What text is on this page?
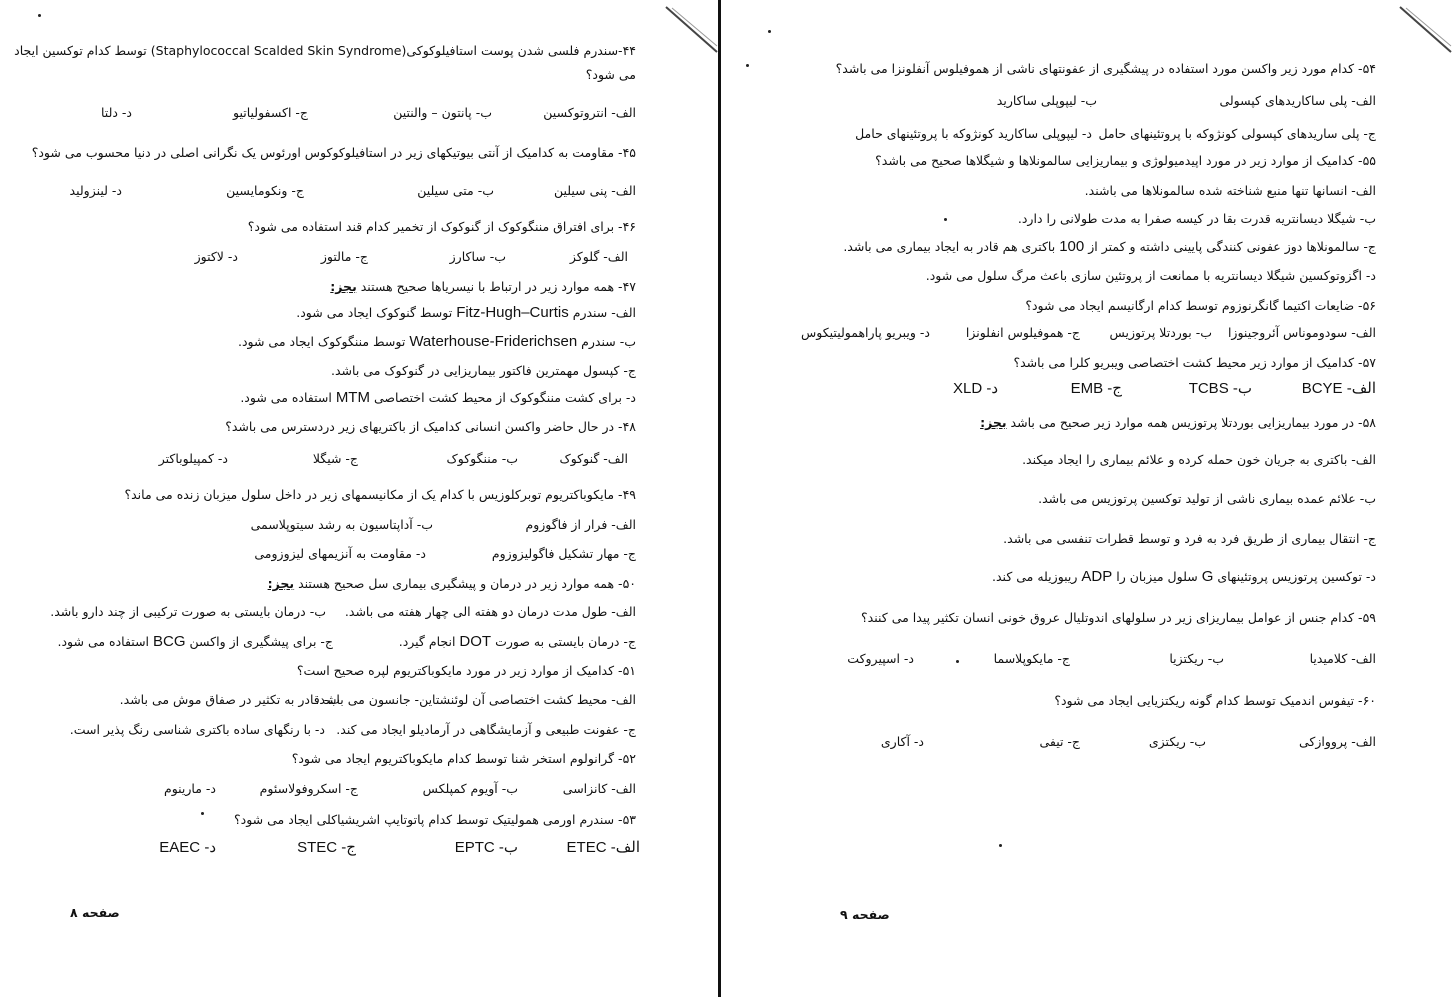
۴۴-سندرم فلسی شدن پوست استافیلوکوکی(Staphylococcal Scalded Skin Syndrome) توسط کدام توکسین ایجاد
می شود؟
الف- انتروتوکسین
ب- پانتون – والنتین
ج- اکسفولیاتیو
د- دلتا
۴۵- مقاومت به کدامیک از آنتی بیوتیکهای زیر در استافیلوکوکوس اورئوس یک نگرانی اصلی در دنیا محسوب می شود؟
الف- پنی سیلین
ب- متی سیلین
ج- ونکومایسین
د- لینزولید
۴۶- برای افتراق مننگوکوک از گنوکوک از تخمیر کدام قند استفاده می شود؟
الف- گلوکز
ب- ساکارز
ج- مالتوز
د- لاکتوز
۴۷- همه موارد زیر در ارتباط با نیسریاها صحیح هستند بجز:
الف- سندرم Fitz-Hugh–Curtis توسط گنوکوک ایجاد می شود.
ب- سندرم Waterhouse-Friderichsen توسط مننگوکوک ایجاد می شود.
ج- کپسول مهمترین فاکتور بیماریزایی در گنوکوک می باشد.
د- برای کشت مننگوکوک از محیط کشت اختصاصی MTM استفاده می شود.
۴۸- در حال حاضر واکسن انسانی کدامیک از باکتریهای زیر دردسترس می باشد؟
الف- گنوکوک
ب- مننگوکوک
ج- شیگلا
د- کمپیلوباکتر
۴۹- مایکوباکتریوم توبرکلوزیس با کدام یک از مکانیسمهای زیر در داخل سلول میزبان زنده می ماند؟
الف- فرار از فاگوزوم
ب- آداپتاسیون به رشد سیتوپلاسمی
ج- مهار تشکیل فاگولیزوزوم
د- مقاومت به آنزیمهای لیزوزومی
۵۰- همه موارد زیر در درمان و پیشگیری بیماری سل صحیح هستند بجز:
الف- طول مدت درمان دو هفته الی چهار هفته می باشد.
ب- درمان بایستی به صورت ترکیبی از چند دارو باشد.
ج- درمان بایستی به صورت DOT انجام گیرد.
ج- برای پیشگیری از واکسن BCG استفاده می شود.
۵۱- کدامیک از موارد زیر در مورد مایکوباکتریوم لپره صحیح است؟
الف- محیط کشت اختصاصی آن لوئنشتاین- جانسون می باشد.
ب- قادر به تکثیر در صفاق موش می باشد.
ج- عفونت طبیعی و آزمایشگاهی در آرمادیلو ایجاد می کند.
د- با رنگهای ساده باکتری شناسی رنگ پذیر است.
۵۲- گرانولوم استخر شنا توسط کدام مایکوباکتریوم ایجاد می شود؟
الف- کانزاسی
ب- آویوم کمپلکس
ج- اسکروفولاسئوم
د- مارینوم
۵۳- سندرم اورمی همولیتیک توسط کدام پاتوتایپ اشریشیاکلی ایجاد می شود؟
الف- ETEC
ب- EPTC
ج- STEC
د- EAEC
صفحه ۸
۵۴- کدام مورد زیر واکسن مورد استفاده در پیشگیری از عفونتهای ناشی از هموفیلوس آنفلونزا می باشد؟
الف- پلی ساکاریدهای کپسولی
ب- لیپوپلی ساکارید
ج- پلی ساریدهای کپسولی کونژوکه با پروتئینهای حامل
د- لیپوپلی ساکارید کونژوکه با پروتئینهای حامل
۵۵- کدامیک از موارد زیر در مورد اپیدمیولوژی و بیماریزایی سالمونلاها و شیگلاها صحیح می باشد؟
الف- انسانها تنها منبع شناخته شده سالمونلاها می باشند.
ب- شیگلا دیسانتریه قدرت بقا در کیسه صفرا به مدت طولانی را دارد.
ج- سالمونلاها دوز عفونی کنندگی پایینی داشته و کمتر از 100 باکتری هم قادر به ایجاد بیماری می باشد.
د- اگزوتوکسین شیگلا دیسانتریه با ممانعت از پروتئین سازی باعث مرگ سلول می شود.
۵۶- ضایعات اکتیما گانگرنوزوم توسط کدام ارگانیسم ایجاد می شود؟
الف- سودوموناس آئروجینوزا
ب- بوردتلا پرتوزیس
ج- هموفیلوس انفلونزا
د- ویبریو پاراهمولیتیکوس
۵۷- کدامیک از موارد زیر محیط کشت اختصاصی ویبریو کلرا می باشد؟
الف- BCYE
ب- TCBS
ج- EMB
د- XLD
۵۸- در مورد بیماریزایی بوردتلا پرتوزیس همه موارد زیر صحیح می باشد بجز:
الف- باکتری به جریان خون حمله کرده و علائم بیماری را ایجاد میکند.
ب- علائم عمده بیماری ناشی از تولید توکسین پرتوزیس می باشد.
ج- انتقال بیماری از طریق فرد به فرد و توسط قطرات تنفسی می باشد.
د- توکسین پرتوزیس پروتئینهای G سلول میزبان را ADP ریبوزیله می کند.
۵۹- کدام جنس از عوامل بیماریزای زیر در سلولهای اندوتلیال عروق خونی انسان تکثیر پیدا می کنند؟
الف- کلامیدیا
ب- ریکتزیا
ج- مایکوپلاسما
د- اسپیروکت
۶۰- تیفوس اندمیک توسط کدام گونه ریکتزیایی ایجاد می شود؟
الف- پرووازکی
ب- ریکتزی
ج- تیفی
د- آکاری
صفحه ۹
